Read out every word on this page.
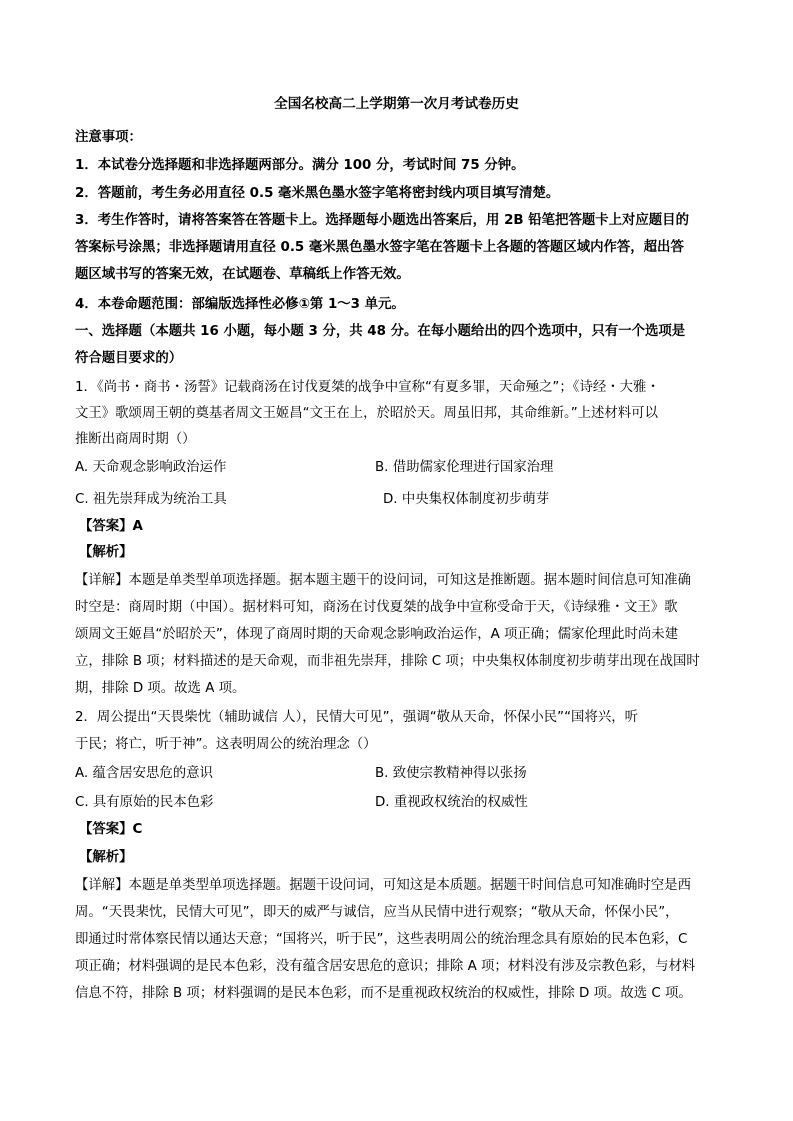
全国名校高二上学期第一次月考试卷历史
注意事项：
1．本试卷分选择题和非选择题两部分。满分 100 分，考试时间 75 分钟。
2．答题前，考生务必用直径 0.5 毫米黑色墨水签字笔将密封线内项目填写清楚。
3．考生作答时，请将答案答在答题卡上。选择题每小题选出答案后，用 2B 铅笔把答题卡上对应题目的
答案标号涂黑；非选择题请用直径 0.5 毫米黑色墨水签字笔在答题卡上各题的答题区域内作答，超出答
题区域书写的答案无效，在试题卷、草稿纸上作答无效。
4．本卷命题范围：部编版选择性必修①第 1～3 单元。
一、选择题（本题共 16 小题，每小题 3 分，共 48 分。在每小题给出的四个选项中，只有一个选项是
符合题目要求的）
1．《尚书・商书・汤誓》记载商汤在讨伐夏桀的战争中宣称“有夏多罪，天命殛之”；《诗经・大雅・
文王》歌颂周王朝的奠基者周文王姬昌“文王在上，於昭於天。周虽旧邦，其命维新。”上述材料可以
推断出商周时期（）
A. 天命观念影响政治运作	B. 借助儒家伦理进行国家治理
C. 祖先崇拜成为统治工具	D. 中央集权体制度初步萌芽
【答案】A
【解析】
【详解】本题是单类型单项选择题。据本题主题干的设问词，可知这是推断题。据本题时间信息可知准确
时空是：商周时期（中国）。据材料可知，商汤在讨伐夏桀的战争中宣称受命于天，《诗绿雅・文王》歌
颂周文王姬昌“於昭於天”，体现了商周时期的天命观念影响政治运作，A 项正确；儒家伦理此时尚未建
立，排除 B 项；材料描述的是天命观，而非祖先崇拜，排除 C 项；中央集权体制度初步萌芽出现在战国时
期，排除 D 项。故选 A 项。
2．周公提出“天畏柴忱（辅助诚信 人），民情大可见”，强调“敬从天命，怀保小民”“国将兴，听
于民；将亡，听于神”。这表明周公的统治理念（）
A. 蕴含居安思危的意识	B. 致使宗教精神得以张扬
C. 具有原始的民本色彩	D. 重视政权统治的权威性
【答案】C
【解析】
【详解】本题是单类型单项选择题。据题干设问词，可知这是本质题。据题干时间信息可知准确时空是西
周。“天畏棐忱，民情大可见”，即天的威严与诚信，应当从民情中进行观察；“敬从天命，怀保小民”，
即通过时常体察民情以通达天意；“国将兴，听于民”，这些表明周公的统治理念具有原始的民本色彩，C
项正确；材料强调的是民本色彩，没有蕴含居安思危的意识；排除 A 项；材料没有涉及宗教色彩，与材料
信息不符，排除 B 项；材料强调的是民本色彩，而不是重视政权统治的权威性，排除 D 项。故选 C 项。
